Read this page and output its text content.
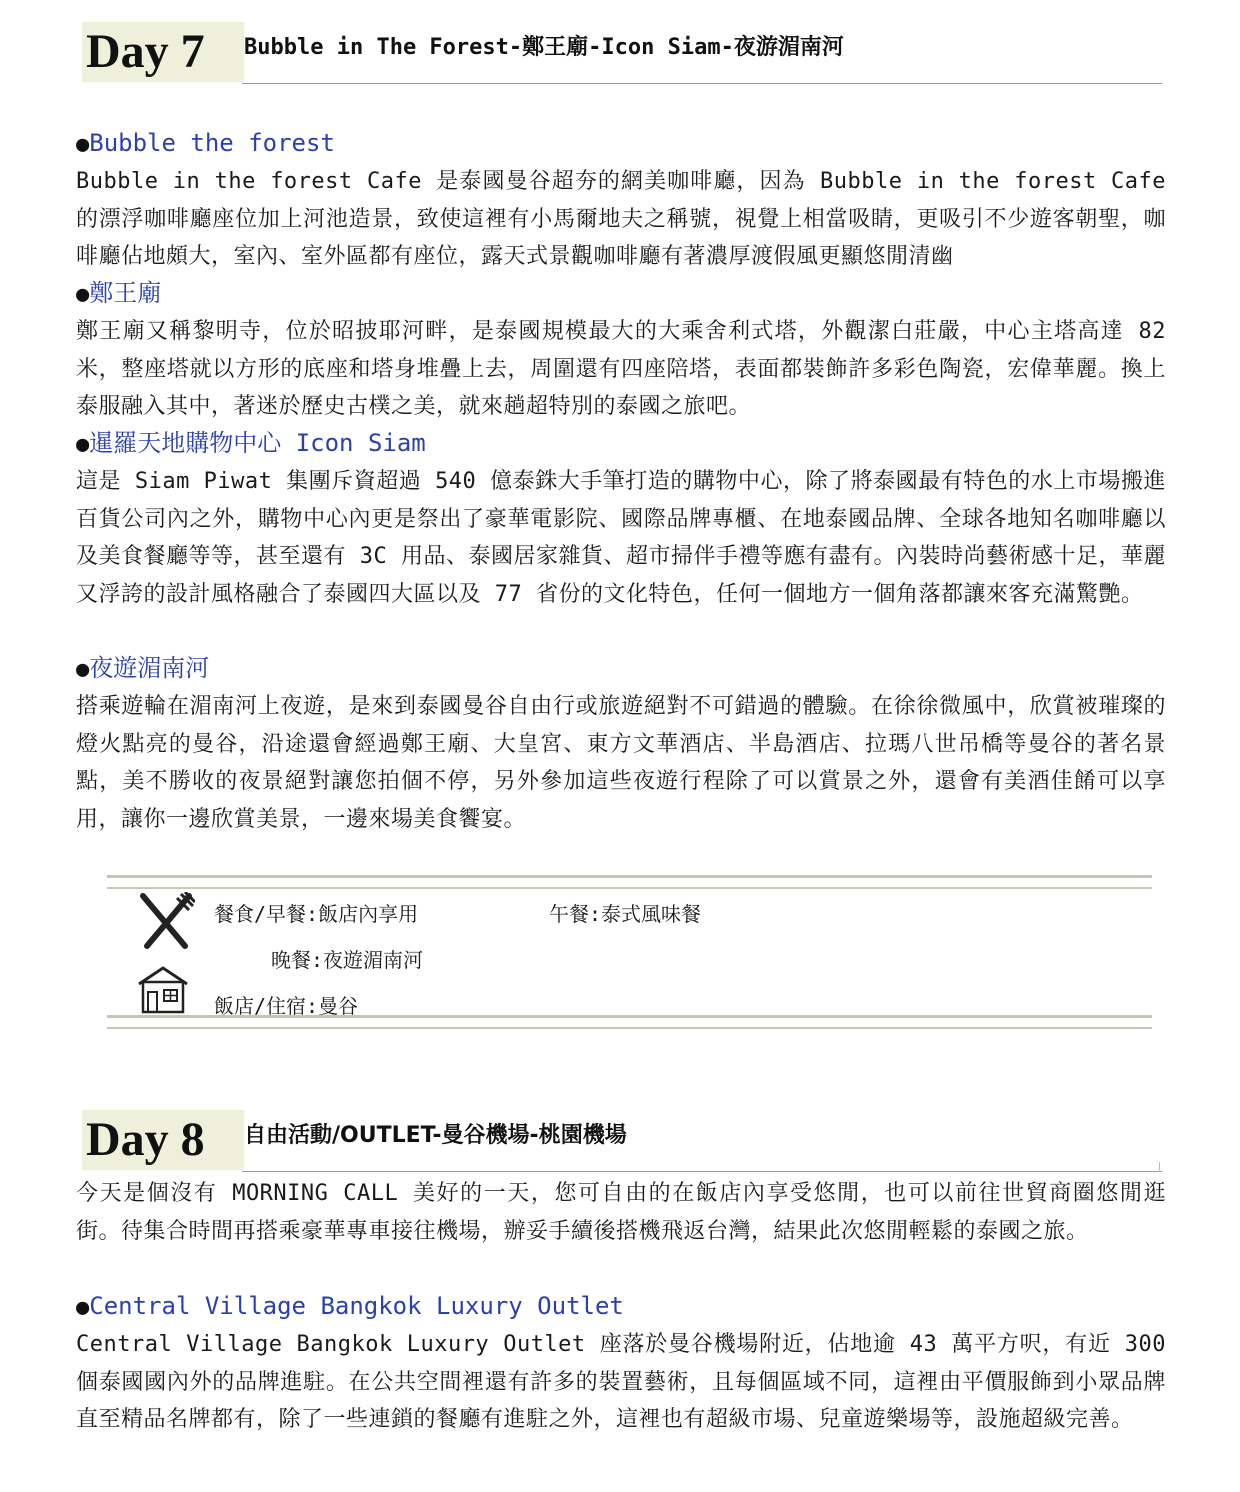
Day 7	Bubble in The Forest-鄭王廟-Icon Siam-夜游湄南河
●Bubble the forest
Bubble in the forest Cafe 是泰國曼谷超夯的網美咖啡廳，因為 Bubble in the forest Cafe 的漂浮咖啡廳座位加上河池造景，致使這裡有小馬爾地夫之稱號，視覺上相當吸睛，更吸引不少遊客朝聖，咖啡廳佔地頗大，室內、室外區都有座位，露天式景觀咖啡廳有著濃厚渡假風更顯悠閒清幽
●鄭王廟
鄭王廟又稱黎明寺，位於昭披耶河畔，是泰國規模最大的大乘舍利式塔，外觀潔白莊嚴，中心主塔高達 82 米，整座塔就以方形的底座和塔身堆疊上去，周圍還有四座陪塔，表面都裝飾許多彩色陶瓷，宏偉華麗。換上泰服融入其中，著迷於歷史古樸之美，就來趟超特別的泰國之旅吧。
●暹羅天地購物中心 Icon Siam
這是 Siam Piwat 集團斥資超過 540 億泰銖大手筆打造的購物中心，除了將泰國最有特色的水上市場搬進百貨公司內之外，購物中心內更是祭出了豪華電影院、國際品牌專櫃、在地泰國品牌、全球各地知名咖啡廳以及美食餐廳等等，甚至還有 3C 用品、泰國居家雜貨、超市掃伴手禮等應有盡有。內裝時尚藝術感十足，華麗又浮誇的設計風格融合了泰國四大區以及 77 省份的文化特色，任何一個地方一個角落都讓來客充滿驚艷。
●夜遊湄南河
搭乘遊輪在湄南河上夜遊，是來到泰國曼谷自由行或旅遊絕對不可錯過的體驗。在徐徐微風中，欣賞被璀璨的燈火點亮的曼谷，沿途還會經過鄭王廟、大皇宮、東方文華酒店、半島酒店、拉瑪八世吊橋等曼谷的著名景點，美不勝收的夜景絕對讓您拍個不停，另外參加這些夜遊行程除了可以賞景之外，還會有美酒佳餚可以享用，讓你一邊欣賞美景，一邊來場美食饗宴。
餐食/早餐:飯店內享用	午餐:泰式風味餐
晚餐:夜遊湄南河
飯店/住宿:曼谷
Day 8	自由活動/OUTLET-曼谷機場-桃園機場
今天是個沒有 MORNING CALL 美好的一天，您可自由的在飯店內享受悠閒，也可以前往世貿商圈悠閒逛街。待集合時間再搭乘豪華專車接往機場，辦妥手續後搭機飛返台灣，結果此次悠閒輕鬆的泰國之旅。
●Central Village Bangkok Luxury Outlet
Central Village Bangkok Luxury Outlet 座落於曼谷機場附近，佔地逾 43 萬平方呎，有近 300 個泰國國內外的品牌進駐。在公共空間裡還有許多的裝置藝術，且每個區域不同，這裡由平價服飾到小眾品牌直至精品名牌都有，除了一些連鎖的餐廳有進駐之外，這裡也有超級市場、兒童遊樂場等，設施超級完善。
